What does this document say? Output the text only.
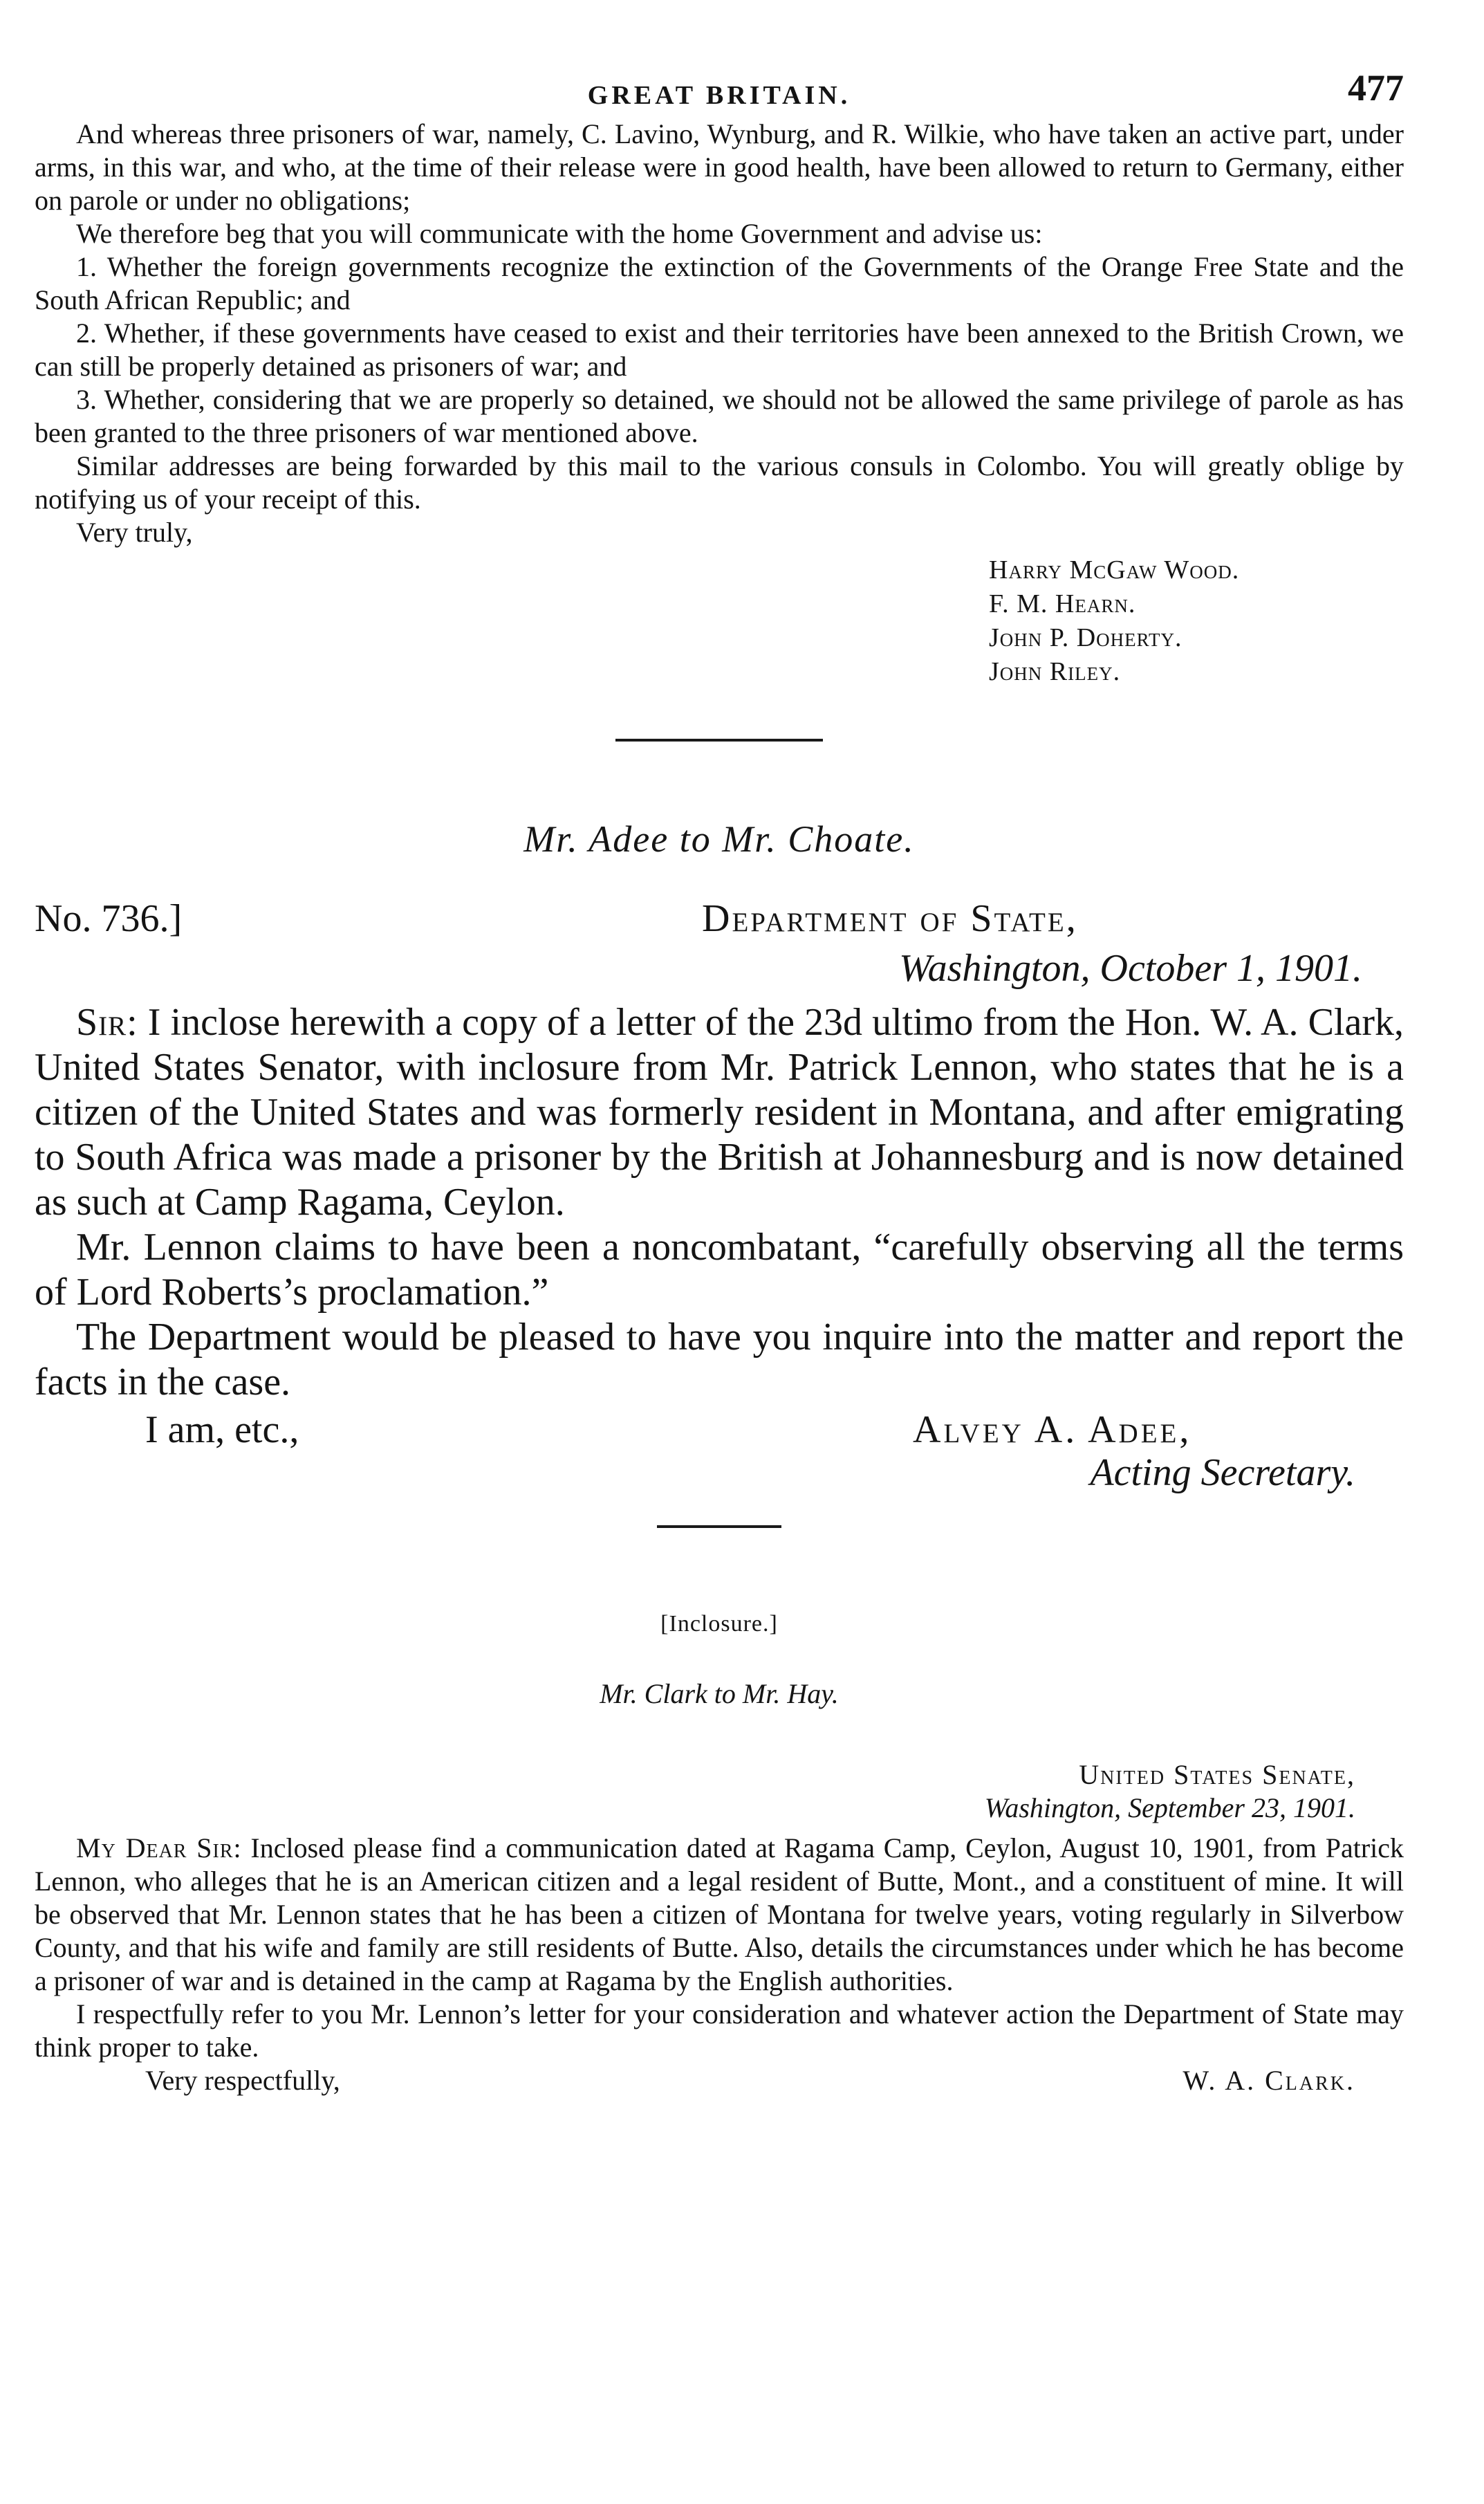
GREAT BRITAIN.	477

And whereas three prisoners of war, namely, C. Lavino, Wynburg, and R. Wilkie, who have taken an active part, under arms, in this war, and who, at the time of their release were in good health, have been allowed to return to Germany, either on parole or under no obligations;

We therefore beg that you will communicate with the home Government and advise us:

1. Whether the foreign governments recognize the extinction of the Governments of the Orange Free State and the South African Republic; and

2. Whether, if these governments have ceased to exist and their territories have been annexed to the British Crown, we can still be properly detained as prisoners of war; and

3. Whether, considering that we are properly so detained, we should not be allowed the same privilege of parole as has been granted to the three prisoners of war mentioned above.

Similar addresses are being forwarded by this mail to the various consuls in Colombo. You will greatly oblige by notifying us of your receipt of this.

Very truly,

Harry McGaw Wood.
F. M. Hearn.
John P. Doherty.
John Riley.
Mr. Adee to Mr. Choate.
No. 736.]	Department of State,
Washington, October 1, 1901.

Sir: I inclose herewith a copy of a letter of the 23d ultimo from the Hon. W. A. Clark, United States Senator, with inclosure from Mr. Patrick Lennon, who states that he is a citizen of the United States and was formerly resident in Montana, and after emigrating to South Africa was made a prisoner by the British at Johannesburg and is now detained as such at Camp Ragama, Ceylon.

Mr. Lennon claims to have been a noncombatant, “carefully observing all the terms of Lord Roberts’s proclamation.”

The Department would be pleased to have you inquire into the matter and report the facts in the case.

I am, etc.,	Alvey A. Adee,
Acting Secretary.
[Inclosure.]
Mr. Clark to Mr. Hay.
United States Senate,
Washington, September 23, 1901.

My Dear Sir: Inclosed please find a communication dated at Ragama Camp, Ceylon, August 10, 1901, from Patrick Lennon, who alleges that he is an American citizen and a legal resident of Butte, Mont., and a constituent of mine. It will be observed that Mr. Lennon states that he has been a citizen of Montana for twelve years, voting regularly in Silverbow County, and that his wife and family are still residents of Butte. Also, details the circumstances under which he has become a prisoner of war and is detained in the camp at Ragama by the English authorities.

I respectfully refer to you Mr. Lennon’s letter for your consideration and whatever action the Department of State may think proper to take.

Very respectfully,	W. A. Clark.
